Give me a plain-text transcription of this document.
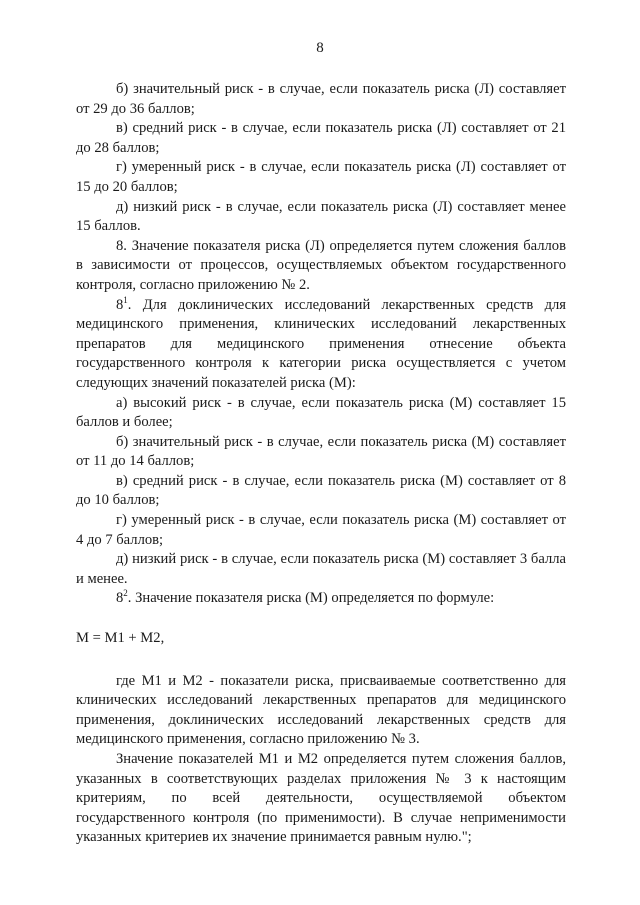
8

б) значительный риск - в случае, если показатель риска (Л) составляет от 29 до 36 баллов;

в) средний риск - в случае, если показатель риска (Л) составляет от 21 до 28 баллов;

г) умеренный риск - в случае, если показатель риска (Л) составляет от 15 до 20 баллов;

д) низкий риск - в случае, если показатель риска (Л) составляет менее 15 баллов.

8. Значение показателя риска (Л) определяется путем сложения баллов в зависимости от процессов, осуществляемых объектом государственного контроля, согласно приложению № 2.

$8^1$. Для доклинических исследований лекарственных средств для медицинского применения, клинических исследований лекарственных препаратов для медицинского применения отнесение объекта государственного контроля к категории риска осуществляется с учетом следующих значений показателей риска (М):

а) высокий риск - в случае, если показатель риска (М) составляет 15 баллов и более;

б) значительный риск - в случае, если показатель риска (М) составляет от 11 до 14 баллов;

в) средний риск - в случае, если показатель риска (М) составляет от 8 до 10 баллов;

г) умеренный риск - в случае, если показатель риска (М) составляет от 4 до 7 баллов;

д) низкий риск - в случае, если показатель риска (М) составляет 3 балла и менее.

$8^2$. Значение показателя риска (М) определяется по формуле:

М = М1 + М2,

где М1 и М2 - показатели риска, присваиваемые соответственно для клинических исследований лекарственных препаратов для медицинского применения, доклинических исследований лекарственных средств для медицинского применения, согласно приложению № 3.

Значение показателей М1 и М2 определяется путем сложения баллов, указанных в соответствующих разделах приложения № 3 к настоящим критериям, по всей деятельности, осуществляемой объектом государственного контроля (по применимости). В случае неприменимости указанных критериев их значение принимается равным нулю.";
